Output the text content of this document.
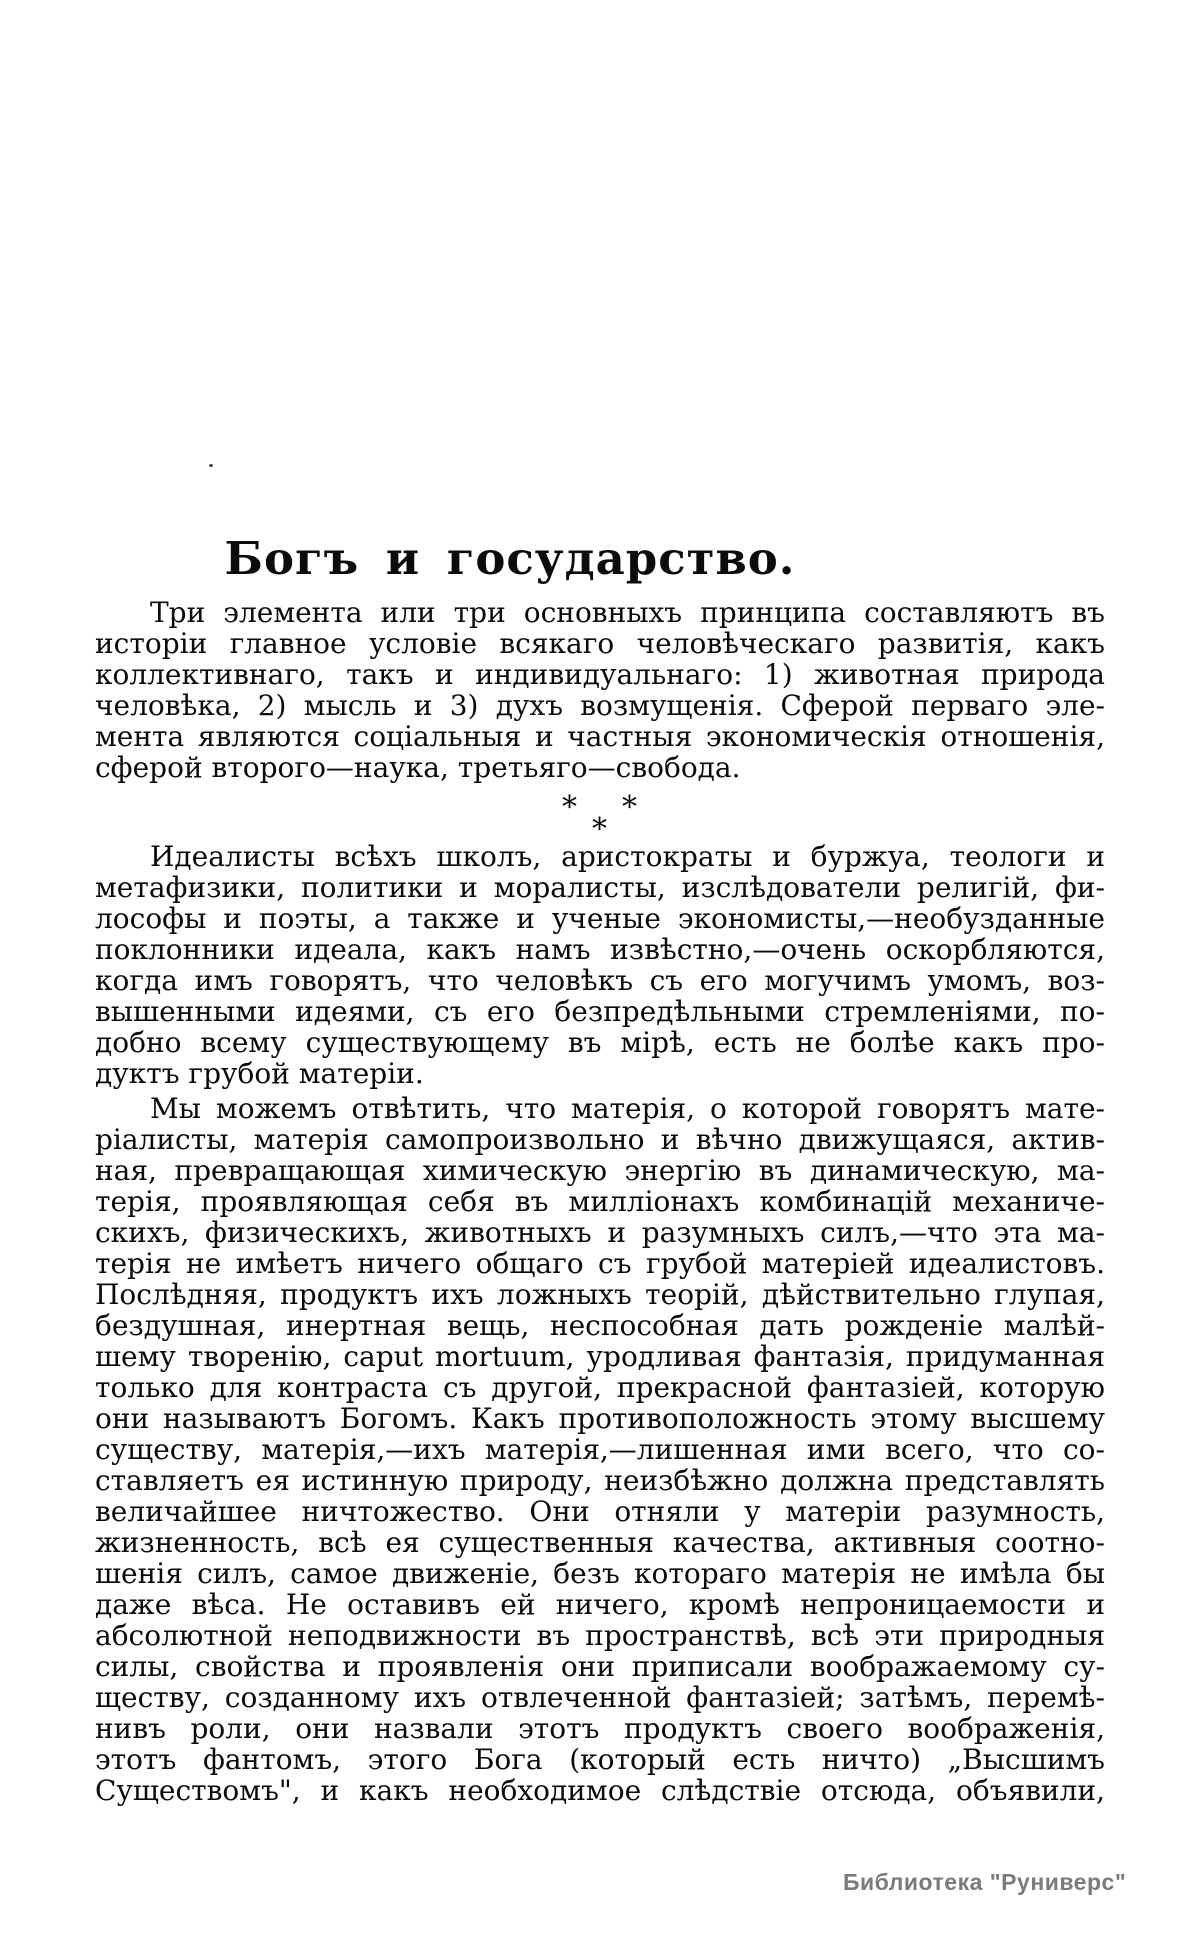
Богъ и государство.
Три элемента или три основныхъ принципа составляютъ въ
исторіи главное условіе всякаго человѣческаго развитія, какъ
коллективнаго, такъ и индивидуальнаго: 1) животная природа
человѣка, 2) мысль и 3) духъ возмущенія. Сферой перваго эле-
мента являются соціальныя и частныя экономическія отношенія,
сферой второго—наука, третьяго—свобода.
* *
*
Идеалисты всѣхъ школъ, аристократы и буржуа, теологи и
метафизики, политики и моралисты, изслѣдователи религій, фи-
лософы и поэты, а также и ученые экономисты,—необузданные
поклонники идеала, какъ намъ извѣстно,—очень оскорбляются,
когда имъ говорятъ, что человѣкъ съ его могучимъ умомъ, воз-
вышенными идеями, съ его безпредѣльными стремленіями, по-
добно всему существующему въ мірѣ, есть не болѣе какъ про-
дуктъ грубой матеріи.
Мы можемъ отвѣтить, что матерія, о которой говорятъ мате-
ріалисты, матерія самопроизвольно и вѣчно движущаяся, актив-
ная, превращающая химическую энергію въ динамическую, ма-
терія, проявляющая себя въ милліонахъ комбинацій механиче-
скихъ, физическихъ, животныхъ и разумныхъ силъ,—что эта ма-
терія не имѣетъ ничего общаго съ грубой матеріей идеалистовъ.
Послѣдняя, продуктъ ихъ ложныхъ теорій, дѣйствительно глупая,
бездушная, инертная вещь, неспособная дать рожденіе малѣй-
шему творенію, caput mortuum, уродливая фантазія, придуманная
только для контраста съ другой, прекрасной фантазіей, которую
они называютъ Богомъ. Какъ противоположность этому высшему
существу, матерія,—ихъ матерія,—лишенная ими всего, что со-
ставляетъ ея истинную природу, неизбѣжно должна представлять
величайшее ничтожество. Они отняли у матеріи разумность,
жизненность, всѣ ея существенныя качества, активныя соотно-
шенія силъ, самое движеніе, безъ котораго матерія не имѣла бы
даже вѣса. Не оставивъ ей ничего, кромѣ непроницаемости и
абсолютной неподвижности въ пространствѣ, всѣ эти природныя
силы, свойства и проявленія они приписали воображаемому су-
ществу, созданному ихъ отвлеченной фантазіей; затѣмъ, перемѣ-
нивъ роли, они назвали этотъ продуктъ своего воображенія,
этотъ фантомъ, этого Бога (который есть ничто) „Высшимъ
Существомъ", и какъ необходимое слѣдствіе отсюда, объявили,
Библиотека "Руниверс"
